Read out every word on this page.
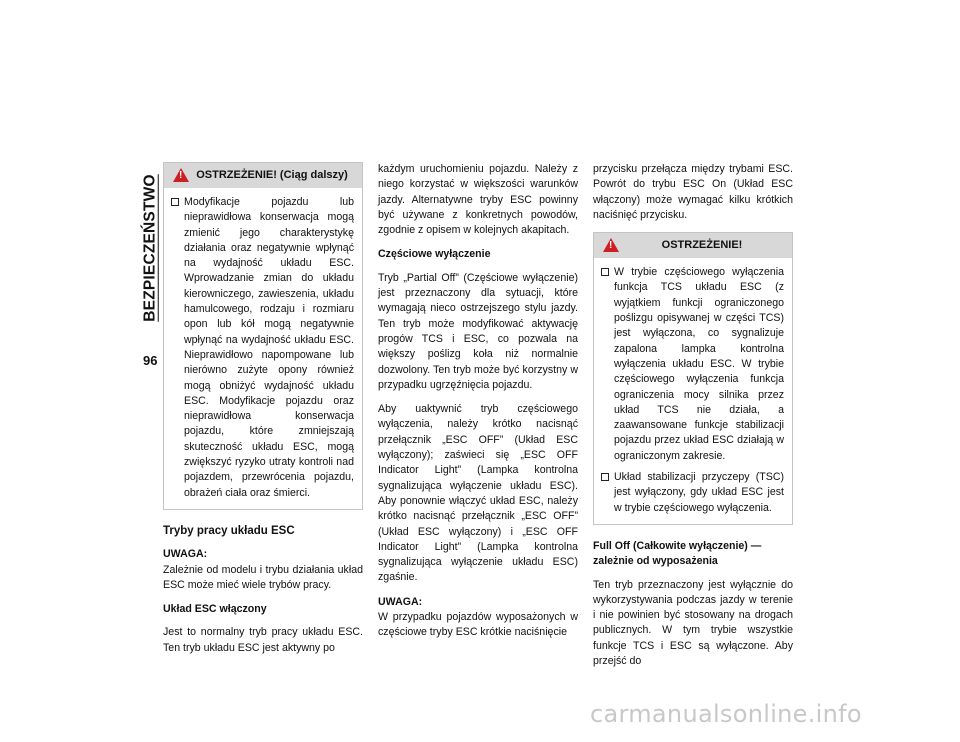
BEZPIECZEŃSTWO
96
!
OSTRZEŻENIE! (Ciąg dalszy)
Modyfikacje pojazdu lub nieprawidłowa konserwacja mogą zmienić jego charakterystykę działania oraz negatywnie wpłynąć na wydajność układu ESC. Wprowadzanie zmian do układu kierowniczego, zawieszenia, układu hamulcowego, rodzaju i rozmiaru opon lub kół mogą negatywnie wpłynąć na wydajność układu ESC. Nieprawidłowo napompowane lub nierówno zużyte opony również mogą obniżyć wydajność układu ESC. Modyfikacje pojazdu oraz nieprawidłowa konserwacja pojazdu, które zmniejszają skuteczność układu ESC, mogą zwiększyć ryzyko utraty kontroli nad pojazdem, przewrócenia pojazdu, obrażeń ciała oraz śmierci.
Tryby pracy układu ESC

UWAGA:
Zależnie od modelu i trybu działania układ ESC może mieć wiele trybów pracy.

Układ ESC włączony

Jest to normalny tryb pracy układu ESC. Ten tryb układu ESC jest aktywny po

każdym uruchomieniu pojazdu. Należy z niego korzystać w większości warunków jazdy. Alternatywne tryby ESC powinny być używane z konkretnych powodów, zgodnie z opisem w kolejnych akapitach.

Częściowe wyłączenie

Tryb „Partial Off” (Częściowe wyłączenie) jest przeznaczony dla sytuacji, które wymagają nieco ostrzejszego stylu jazdy. Ten tryb może modyfikować aktywację progów TCS i ESC, co pozwala na większy poślizg koła niż normalnie dozwolony. Ten tryb może być korzystny w przypadku ugrzęźnięcia pojazdu.

Aby uaktywnić tryb częściowego wyłączenia, należy krótko nacisnąć przełącznik „ESC OFF” (Układ ESC wyłączony); zaświeci się „ESC OFF Indicator Light” (Lampka kontrolna sygnalizująca wyłączenie układu ESC). Aby ponownie włączyć układ ESC, należy krótko nacisnąć przełącznik „ESC OFF” (Układ ESC wyłączony) i „ESC OFF Indicator Light” (Lampka kontrolna sygnalizująca wyłączenie układu ESC) zgaśnie.

UWAGA:
W przypadku pojazdów wyposażonych w częściowe tryby ESC krótkie naciśnięcie

przycisku przełącza między trybami ESC. Powrót do trybu ESC On (Układ ESC włączony) może wymagać kilku krótkich naciśnięć przycisku.

!
OSTRZEŻENIE!
W trybie częściowego wyłączenia funkcja TCS układu ESC (z wyjątkiem funkcji ograniczonego poślizgu opisywanej w części TCS) jest wyłączona, co sygnalizuje zapalona lampka kontrolna wyłączenia układu ESC. W trybie częściowego wyłączenia funkcja ograniczenia mocy silnika przez układ TCS nie działa, a zaawansowane funkcje stabilizacji pojazdu przez układ ESC działają w ograniczonym zakresie.
Układ stabilizacji przyczepy (TSC) jest wyłączony, gdy układ ESC jest w trybie częściowego wyłączenia.
Full Off (Całkowite wyłączenie) — zależnie od wyposażenia

Ten tryb przeznaczony jest wyłącznie do wykorzystywania podczas jazdy w terenie i nie powinien być stosowany na drogach publicznych. W tym trybie wszystkie funkcje TCS i ESC są wyłączone. Aby przejść do

carmanualsonline.info
